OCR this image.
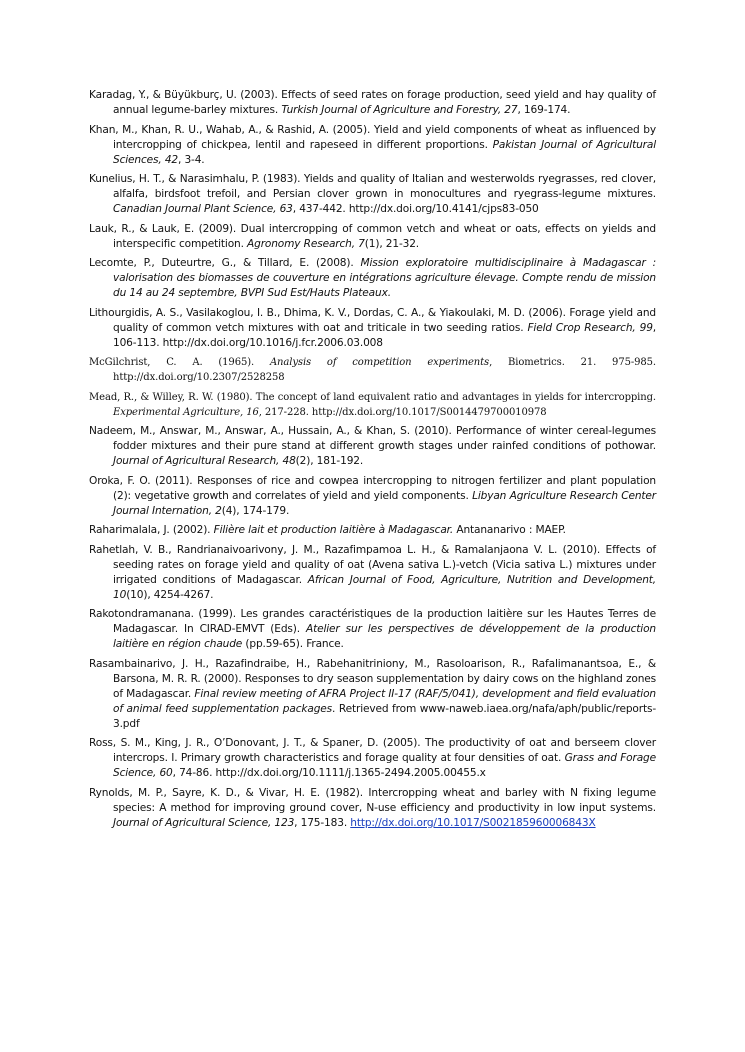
Karadag, Y., & Büyükburç, U. (2003). Effects of seed rates on forage production, seed yield and hay quality of annual legume-barley mixtures. Turkish Journal of Agriculture and Forestry, 27, 169-174.

Khan, M., Khan, R. U., Wahab, A., & Rashid, A. (2005). Yield and yield components of wheat as influenced by intercropping of chickpea, lentil and rapeseed in different proportions. Pakistan Journal of Agricultural Sciences, 42, 3-4.

Kunelius, H. T., & Narasimhalu, P. (1983). Yields and quality of Italian and westerwolds ryegrasses, red clover, alfalfa, birdsfoot trefoil, and Persian clover grown in monocultures and ryegrass-legume mixtures. Canadian Journal Plant Science, 63, 437-442. http://dx.doi.org/10.4141/cjps83-050

Lauk, R., & Lauk, E. (2009). Dual intercropping of common vetch and wheat or oats, effects on yields and interspecific competition. Agronomy Research, 7(1), 21-32.

Lecomte, P., Duteurtre, G., & Tillard, E. (2008). Mission exploratoire multidisciplinaire à Madagascar : valorisation des biomasses de couverture en intégrations agriculture élevage. Compte rendu de mission du 14 au 24 septembre, BVPI Sud Est/Hauts Plateaux.

Lithourgidis, A. S., Vasilakoglou, I. B., Dhima, K. V., Dordas, C. A., & Yiakoulaki, M. D. (2006). Forage yield and quality of common vetch mixtures with oat and triticale in two seeding ratios. Field Crop Research, 99, 106-113. http://dx.doi.org/10.1016/j.fcr.2006.03.008

McGilchrist, C. A. (1965). Analysis of competition experiments, Biometrics. 21. 975-985. http://dx.doi.org/10.2307/2528258

Mead, R., & Willey, R. W. (1980). The concept of land equivalent ratio and advantages in yields for intercropping. Experimental Agriculture, 16, 217-228. http://dx.doi.org/10.1017/S0014479700010978

Nadeem, M., Answar, M., Answar, A., Hussain, A., & Khan, S. (2010). Performance of winter cereal-legumes fodder mixtures and their pure stand at different growth stages under rainfed conditions of pothowar. Journal of Agricultural Research, 48(2), 181-192.

Oroka, F. O. (2011). Responses of rice and cowpea intercropping to nitrogen fertilizer and plant population (2): vegetative growth and correlates of yield and yield components. Libyan Agriculture Research Center Journal Internation, 2(4), 174-179.

Raharimalala, J. (2002). Filière lait et production laitière à Madagascar. Antananarivo : MAEP.

Rahetlah, V. B., Randrianaivoarivony, J. M., Razafimpamoa L. H., & Ramalanjaona V. L. (2010). Effects of seeding rates on forage yield and quality of oat (Avena sativa L.)-vetch (Vicia sativa L.) mixtures under irrigated conditions of Madagascar. African Journal of Food, Agriculture, Nutrition and Development, 10(10), 4254-4267.

Rakotondramanana. (1999). Les grandes caractéristiques de la production laitière sur les Hautes Terres de Madagascar. In CIRAD-EMVT (Eds). Atelier sur les perspectives de développement de la production laitière en région chaude (pp.59-65). France.

Rasambainarivo, J. H., Razafindraibe, H., Rabehanitriniony, M., Rasoloarison, R., Rafalimanantsoa, E., & Barsona, M. R. R. (2000). Responses to dry season supplementation by dairy cows on the highland zones of Madagascar. Final review meeting of AFRA Project II-17 (RAF/5/041), development and field evaluation of animal feed supplementation packages. Retrieved from www-naweb.iaea.org/nafa/aph/public/reports-3.pdf

Ross, S. M., King, J. R., O’Donovant, J. T., & Spaner, D. (2005). The productivity of oat and berseem clover intercrops. I. Primary growth characteristics and forage quality at four densities of oat. Grass and Forage Science, 60, 74-86. http://dx.doi.org/10.1111/j.1365-2494.2005.00455.x

Rynolds, M. P., Sayre, K. D., & Vivar, H. E. (1982). Intercropping wheat and barley with N fixing legume species: A method for improving ground cover, N-use efficiency and productivity in low input systems. Journal of Agricultural Science, 123, 175-183. http://dx.doi.org/10.1017/S002185960006843X
